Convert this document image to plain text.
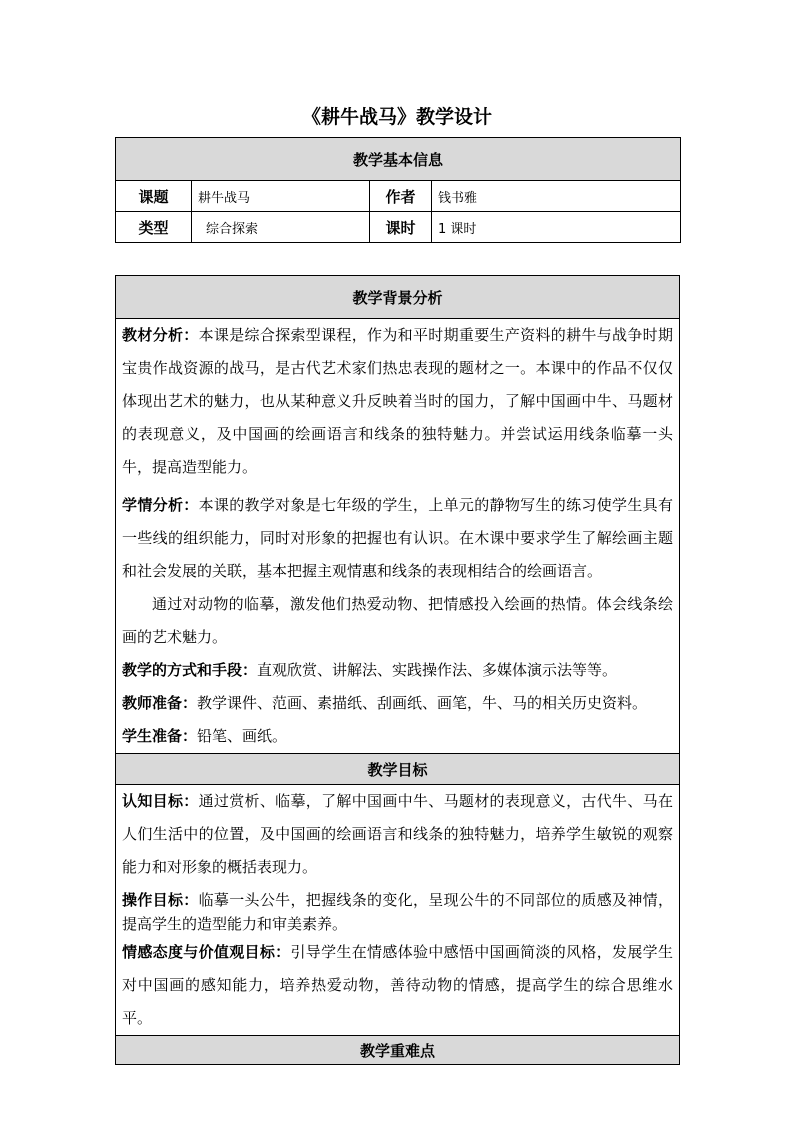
《耕牛战马》教学设计
教学基本信息			
课题	耕牛战马	作者	钱书雅
类型	综合探索	课时	1 课时
教学背景分析

教材分析：本课是综合探索型课程，作为和平时期重要生产资料的耕牛与战争时期宝贵作战资源的战马，是古代艺术家们热忠表现的题材之一。本课中的作品不仅仅体现出艺术的魅力，也从某种意义升反映着当时的国力，了解中国画中牛、马题材的表现意义，及中国画的绘画语言和线条的独特魅力。并尝试运用线条临摹一头牛，提高造型能力。

学情分析：本课的教学对象是七年级的学生，上单元的静物写生的练习使学生具有一些线的组织能力，同时对形象的把握也有认识。在木课中要求学生了解绘画主题和社会发展的关联，基本把握主观情惠和线条的表现相结合的绘画语言。

通过对动物的临摹，激发他们热爱动物、把情感投入绘画的热情。体会线条绘画的艺术魅力。

教学的方式和手段：直观欣赏、讲解法、实践操作法、多媒体演示法等等。

教师准备：教学课件、范画、素描纸、刮画纸、画笔，牛、马的相关历史资料。

学生准备：铅笔、画纸。

教学目标

认知目标：通过赏析、临摹，了解中国画中牛、马题材的表现意义，古代牛、马在人们生活中的位置，及中国画的绘画语言和线条的独特魅力，培养学生敏锐的观察能力和对形象的概括表现力。

操作目标：临摹一头公牛，把握线条的变化，呈现公牛的不同部位的质感及神情，提高学生的造型能力和审美素养。

情感态度与价值观目标：引导学生在情感体验中感悟中国画简淡的风格，发展学生对中国画的感知能力，培养热爱动物，善待动物的情感，提高学生的综合思维水平。

教学重难点
